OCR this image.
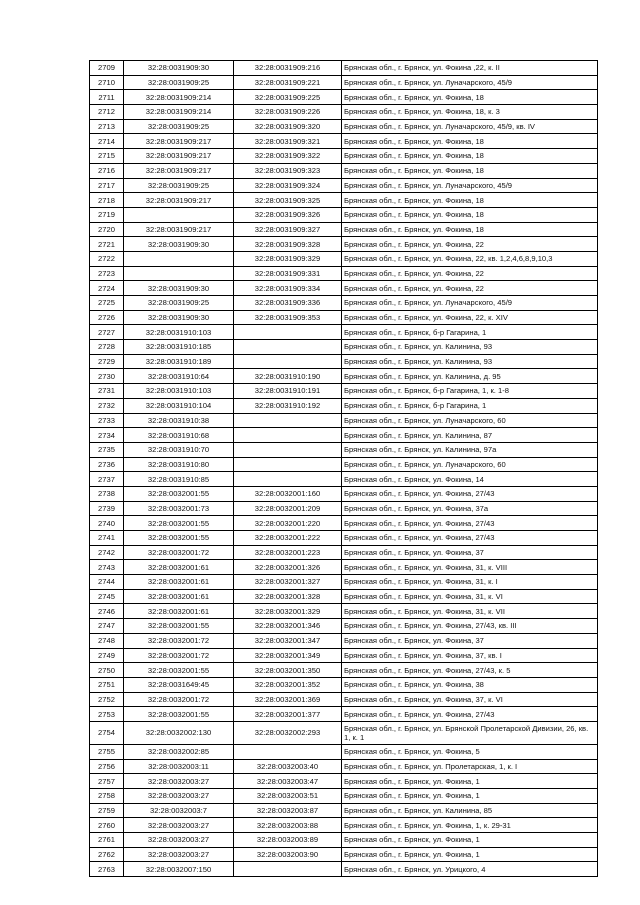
2709	32:28:0031909:30	32:28:0031909:216	Брянская обл., г. Брянск, ул. Фокина ,22, к. II
2710	32:28:0031909:25	32:28:0031909:221	Брянская обл., г. Брянск, ул. Луначарского, 45/9
2711	32:28:0031909:214	32:28:0031909:225	Брянская обл., г. Брянск, ул. Фокина, 18
2712	32:28:0031909:214	32:28:0031909:226	Брянская обл., г. Брянск, ул. Фокина, 18, к. 3
2713	32:28:0031909:25	32:28:0031909:320	Брянская обл., г. Брянск, ул. Луначарского, 45/9, кв. IV
2714	32:28:0031909:217	32:28:0031909:321	Брянская обл., г. Брянск, ул. Фокина, 18
2715	32:28:0031909:217	32:28:0031909:322	Брянская обл., г. Брянск, ул. Фокина, 18
2716	32:28:0031909:217	32:28:0031909:323	Брянская обл., г. Брянск, ул. Фокина, 18
2717	32:28:0031909:25	32:28:0031909:324	Брянская обл., г. Брянск, ул. Луначарского, 45/9
2718	32:28:0031909:217	32:28:0031909:325	Брянская обл., г. Брянск, ул. Фокина, 18
2719		32:28:0031909:326	Брянская обл., г. Брянск, ул. Фокина, 18
2720	32:28:0031909:217	32:28:0031909:327	Брянская обл., г. Брянск, ул. Фокина, 18
2721	32:28:0031909:30	32:28:0031909:328	Брянская обл., г. Брянск, ул. Фокина, 22
2722		32:28:0031909:329	Брянская обл., г. Брянск, ул. Фокина, 22, кв. 1,2,4,6,8,9,10,3
2723		32:28:0031909:331	Брянская обл., г. Брянск, ул. Фокина, 22
2724	32:28:0031909:30	32:28:0031909:334	Брянская обл., г. Брянск, ул. Фокина, 22
2725	32:28:0031909:25	32:28:0031909:336	Брянская обл., г. Брянск, ул. Луначарского, 45/9
2726	32:28:0031909:30	32:28:0031909:353	Брянская обл., г. Брянск, ул. Фокина, 22, к. XIV
2727	32:28:0031910:103		Брянская обл., г. Брянск, б-р Гагарина, 1
2728	32:28:0031910:185		Брянская обл., г. Брянск, ул. Калинина, 93
2729	32:28:0031910:189		Брянская обл., г. Брянск, ул. Калинина, 93
2730	32:28:0031910:64	32:28:0031910:190	Брянская обл., г. Брянск, ул. Калинина, д. 95
2731	32:28:0031910:103	32:28:0031910:191	Брянская обл., г. Брянск, б-р Гагарина, 1, к. 1-8
2732	32:28:0031910:104	32:28:0031910:192	Брянская обл., г. Брянск, б-р Гагарина, 1
2733	32:28:0031910:38		Брянская обл., г. Брянск, ул. Луначарского, 60
2734	32:28:0031910:68		Брянская обл., г. Брянск, ул. Калинина, 87
2735	32:28:0031910:70		Брянская обл., г. Брянск, ул. Калинина, 97а
2736	32:28:0031910:80		Брянская обл., г. Брянск, ул. Луначарского, 60
2737	32:28:0031910:85		Брянская обл., г. Брянск, ул. Фокина, 14
2738	32:28:0032001:55	32:28:0032001:160	Брянская обл., г. Брянск, ул. Фокина, 27/43
2739	32:28:0032001:73	32:28:0032001:209	Брянская обл., г. Брянск, ул. Фокина, 37а
2740	32:28:0032001:55	32:28:0032001:220	Брянская обл., г. Брянск, ул. Фокина, 27/43
2741	32:28:0032001:55	32:28:0032001:222	Брянская обл., г. Брянск, ул. Фокина, 27/43
2742	32:28:0032001:72	32:28:0032001:223	Брянская обл., г. Брянск, ул. Фокина, 37
2743	32:28:0032001:61	32:28:0032001:326	Брянская обл., г. Брянск, ул. Фокина, 31, к. VIII
2744	32:28:0032001:61	32:28:0032001:327	Брянская обл., г. Брянск, ул. Фокина, 31, к. I
2745	32:28:0032001:61	32:28:0032001:328	Брянская обл., г. Брянск, ул. Фокина, 31, к. VI
2746	32:28:0032001:61	32:28:0032001:329	Брянская обл., г. Брянск, ул. Фокина, 31, к. VII
2747	32:28:0032001:55	32:28:0032001:346	Брянская обл., г. Брянск, ул. Фокина, 27/43, кв. III
2748	32:28:0032001:72	32:28:0032001:347	Брянская обл., г. Брянск, ул. Фокина, 37
2749	32:28:0032001:72	32:28:0032001:349	Брянская обл., г. Брянск, ул. Фокина, 37, кв. I
2750	32:28:0032001:55	32:28:0032001:350	Брянская обл., г. Брянск, ул. Фокина, 27/43, к. 5
2751	32:28:0031649:45	32:28:0032001:352	Брянская обл., г. Брянск, ул. Фокина, 38
2752	32:28:0032001:72	32:28:0032001:369	Брянская обл., г. Брянск, ул. Фокина, 37, к. VI
2753	32:28:0032001:55	32:28:0032001:377	Брянская обл., г. Брянск, ул. Фокина, 27/43
2754	32:28:0032002:130	32:28:0032002:293	Брянская обл., г. Брянск, ул. Брянской Пролетарской Дивизии, 26, кв. 1, к. 1
2755	32:28:0032002:85		Брянская обл., г. Брянск, ул. Фокина, 5
2756	32:28:0032003:11	32:28:0032003:40	Брянская обл., г. Брянск, ул. Пролетарская, 1, к. I
2757	32:28:0032003:27	32:28:0032003:47	Брянская обл., г. Брянск, ул. Фокина, 1
2758	32:28:0032003:27	32:28:0032003:51	Брянская обл., г. Брянск, ул. Фокина, 1
2759	32:28:0032003:7	32:28:0032003:87	Брянская обл., г. Брянск, ул. Калинина, 85
2760	32:28:0032003:27	32:28:0032003:88	Брянская обл., г. Брянск, ул. Фокина, 1, к. 29-31
2761	32:28:0032003:27	32:28:0032003:89	Брянская обл., г. Брянск, ул. Фокина, 1
2762	32:28:0032003:27	32:28:0032003:90	Брянская обл., г. Брянск, ул. Фокина, 1
2763	32:28:0032007:150		Брянская обл., г. Брянск, ул. Урицкого, 4
